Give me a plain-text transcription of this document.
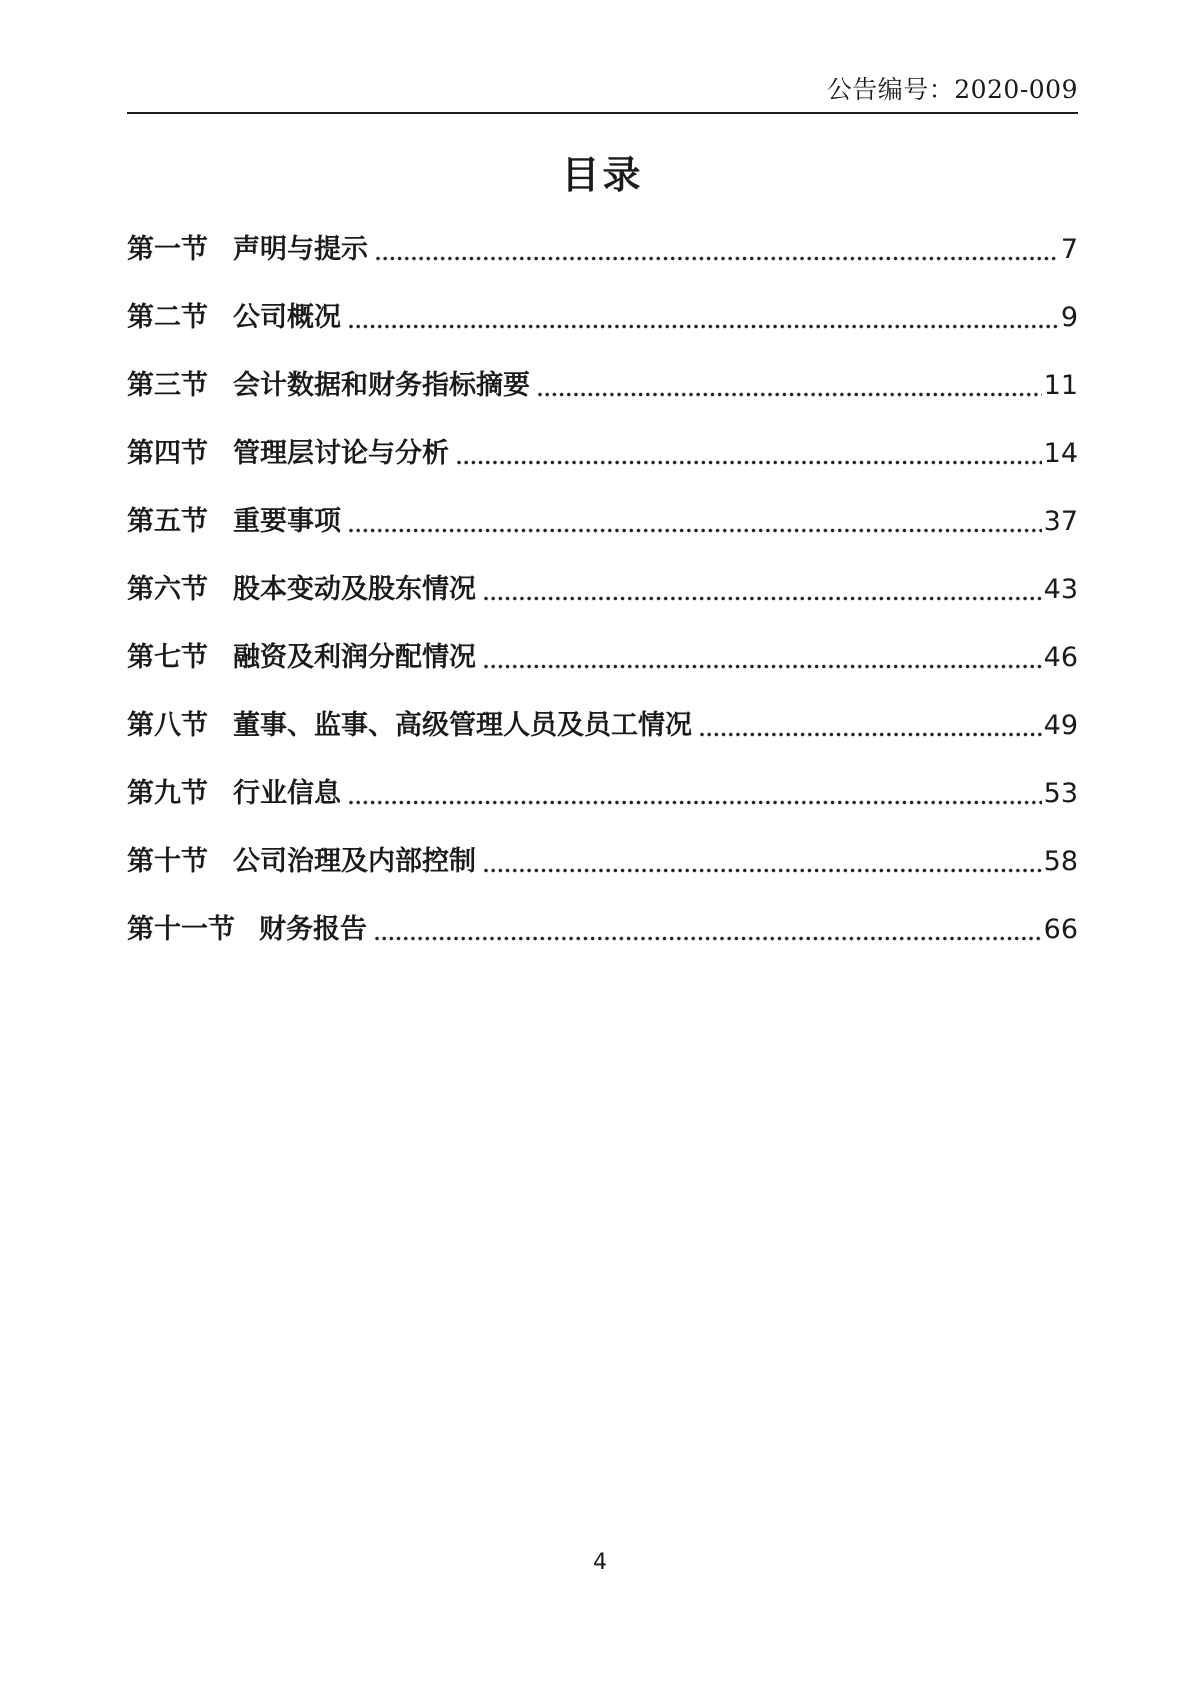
公告编号：2020-009
目录
第一节 声明与提示	7
第二节 公司概况	9
第三节 会计数据和财务指标摘要	11
第四节 管理层讨论与分析	14
第五节 重要事项	37
第六节 股本变动及股东情况	43
第七节 融资及利润分配情况	46
第八节 董事、监事、高级管理人员及员工情况	49
第九节 行业信息	53
第十节 公司治理及内部控制	58
第十一节 财务报告	66
4
